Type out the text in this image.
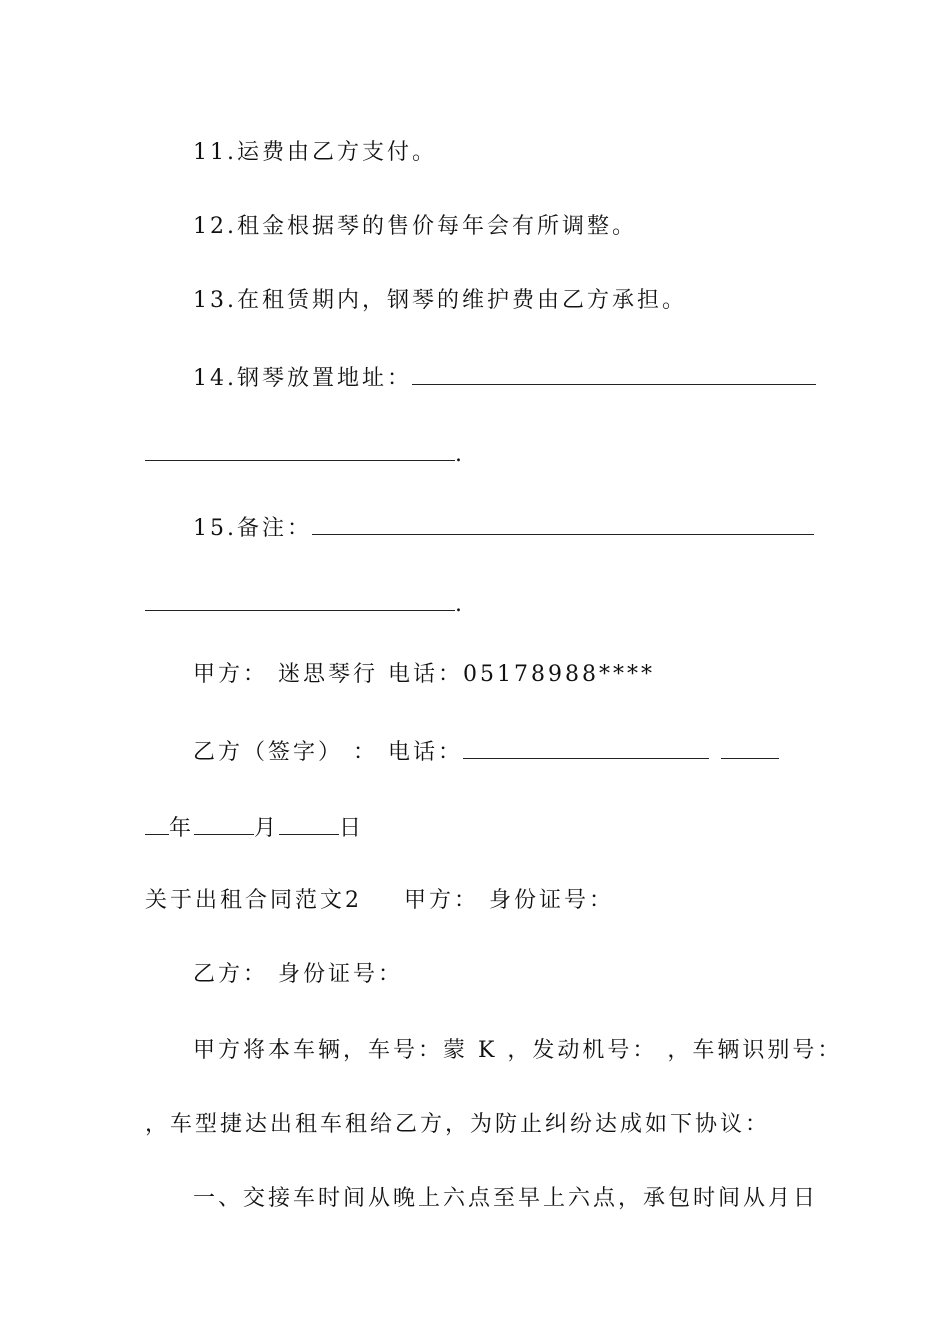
11.运费由乙方支付。
12.租金根据琴的售价每年会有所调整。
13.在租赁期内，钢琴的维护费由乙方承担。
14.钢琴放置地址：
.
15.备注：
.
甲方： 迷思琴行 电话：05178988****
乙方（签字） ： 电话：
年	月	日
关于出租合同范文2 甲方： 身份证号：
乙方： 身份证号：
甲方将本车辆，车号：蒙 K ，发动机号： ，车辆识别号：
，车型捷达出租车租给乙方，为防止纠纷达成如下协议：
一、交接车时间从晚上六点至早上六点，承包时间从月日
